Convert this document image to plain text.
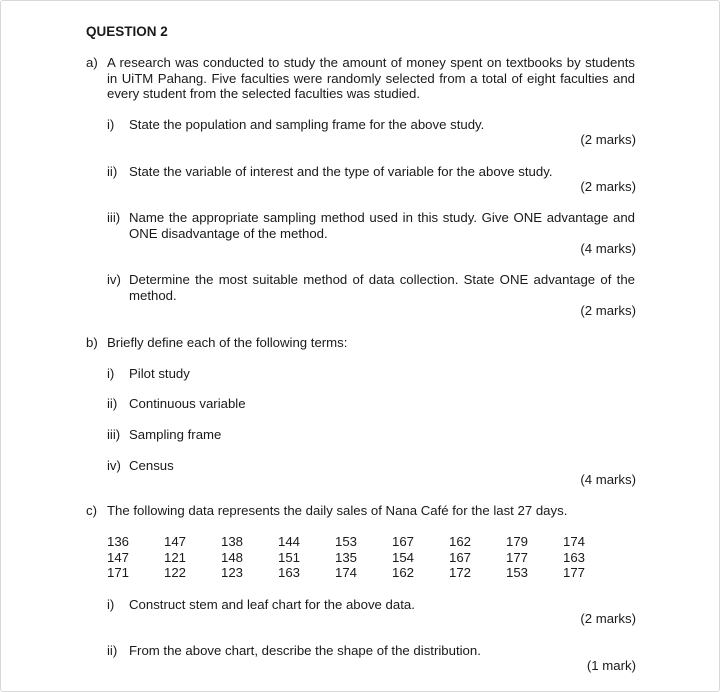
QUESTION 2
a) A research was conducted to study the amount of money spent on textbooks by students in UiTM Pahang. Five faculties were randomly selected from a total of eight faculties and every student from the selected faculties was studied.
i) State the population and sampling frame for the above study.
(2 marks)
ii) State the variable of interest and the type of variable for the above study.
(2 marks)
iii) Name the appropriate sampling method used in this study. Give ONE advantage and ONE disadvantage of the method.
(4 marks)
iv) Determine the most suitable method of data collection. State ONE advantage of the method.
(2 marks)
b) Briefly define each of the following terms:
i) Pilot study
ii) Continuous variable
iii) Sampling frame
iv) Census
(4 marks)
c) The following data represents the daily sales of Nana Café for the last 27 days.
136	147	138	144	153	167	162	179	174
147	121	148	151	135	154	167	177	163
171	122	123	163	174	162	172	153	177
i) Construct stem and leaf chart for the above data.
(2 marks)
ii) From the above chart, describe the shape of the distribution.
(1 mark)
